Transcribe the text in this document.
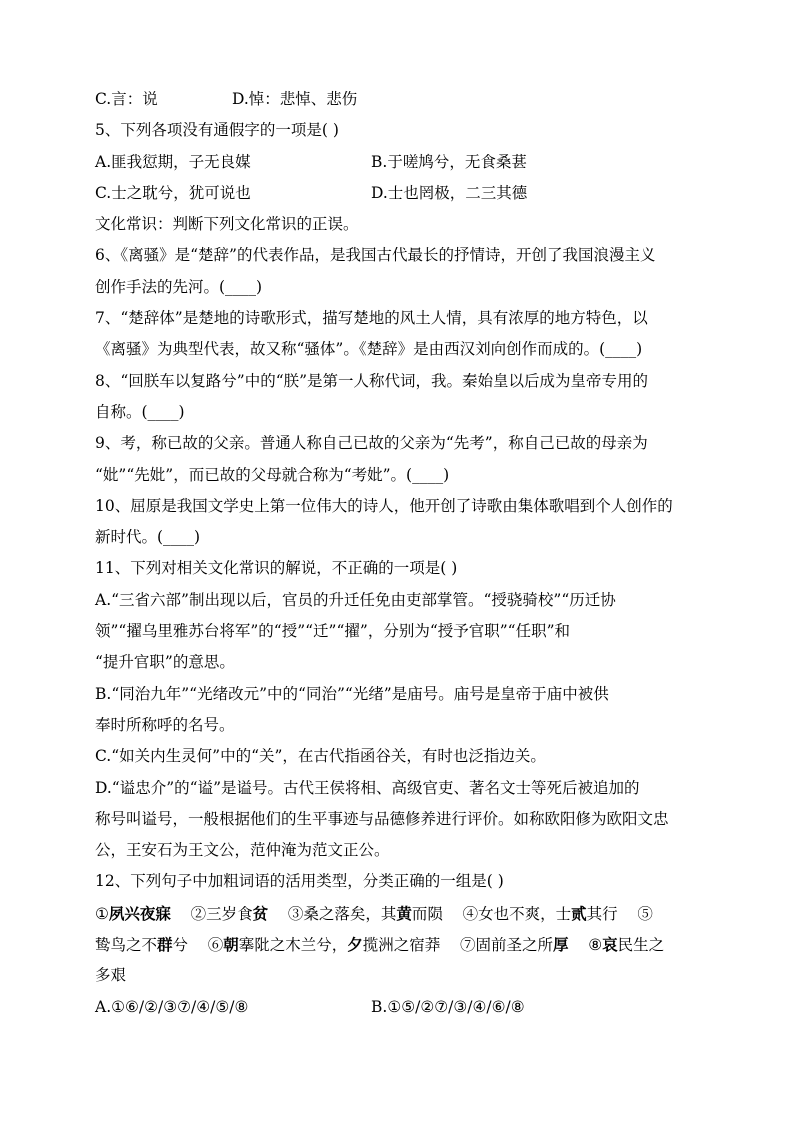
C.言：说	D.悼：悲悼、悲伤
5、下列各项没有通假字的一项是( )
A.匪我愆期，子无良媒	B.于嗟鸠兮，无食桑葚
C.士之耽兮，犹可说也	D.士也罔极，二三其德
文化常识：判断下列文化常识的正误。
6、《离骚》是“楚辞”的代表作品，是我国古代最长的抒情诗，开创了我国浪漫主义
创作手法的先河。(____)
7、“楚辞体”是楚地的诗歌形式，描写楚地的风土人情，具有浓厚的地方特色，以
《离骚》为典型代表，故又称“骚体”。《楚辞》是由西汉刘向创作而成的。(____)
8、“回朕车以复路兮”中的“朕”是第一人称代词，我。秦始皇以后成为皇帝专用的
自称。(____)
9、考，称已故的父亲。普通人称自己已故的父亲为“先考”，称自己已故的母亲为
“妣”“先妣”，而已故的父母就合称为“考妣”。(____)
10、屈原是我国文学史上第一位伟大的诗人，他开创了诗歌由集体歌唱到个人创作的
新时代。(____)
11、下列对相关文化常识的解说，不正确的一项是( )
A.“三省六部”制出现以后，官员的升迁任免由吏部掌管。“授骁骑校”“历迁协
领”“擢乌里雅苏台将军”的“授”“迁”“擢”，分别为“授予官职”“任职”和
“提升官职”的意思。
B.“同治九年”“光绪改元”中的“同治”“光绪”是庙号。庙号是皇帝于庙中被供
奉时所称呼的名号。
C.“如关内生灵何”中的“关”，在古代指函谷关，有时也泛指边关。
D.“谥忠介”的“谥”是谥号。古代王侯将相、高级官吏、著名文士等死后被追加的
称号叫谥号，一般根据他们的生平事迹与品德修养进行评价。如称欧阳修为欧阳文忠
公，王安石为王文公，范仲淹为范文正公。
12、下列句子中加粗词语的活用类型，分类正确的一组是( )
①夙兴夜寐    ②三岁食贫    ③桑之落矣，其黄而陨    ④女也不爽，士贰其行    ⑤
鸷鸟之不群兮    ⑥朝搴阰之木兰兮，夕揽洲之宿莽    ⑦固前圣之所厚    ⑧哀民生之
多艰
A.①⑥/②/③⑦/④/⑤/⑧	B.①⑤/②⑦/③/④/⑥/⑧
